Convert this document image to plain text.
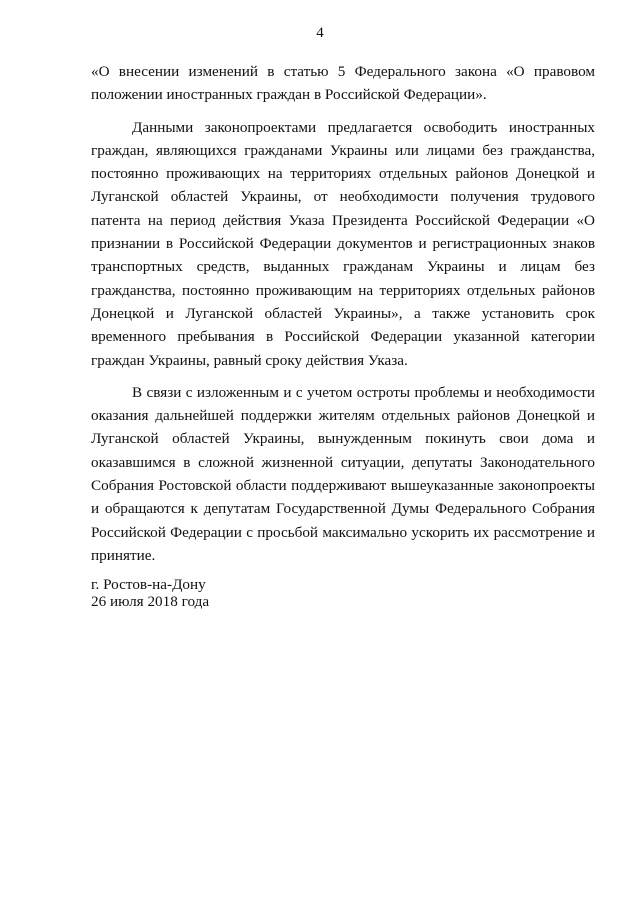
4

«О внесении изменений в статью 5 Федерального закона «О правовом положении иностранных граждан в Российской Федерации».

Данными законопроектами предлагается освободить иностранных граждан, являющихся гражданами Украины или лицами без гражданства, постоянно проживающих на территориях отдельных районов Донецкой и Луганской областей Украины, от необходимости получения трудового патента на период действия Указа Президента Российской Федерации «О признании в Российской Федерации документов и регистрационных знаков транспортных средств, выданных гражданам Украины и лицам без гражданства, постоянно проживающим на территориях отдельных районов Донецкой и Луганской областей Украины», а также установить срок временного пребывания в Российской Федерации указанной категории граждан Украины, равный сроку действия Указа.

В связи с изложенным и с учетом остроты проблемы и необходимости оказания дальнейшей поддержки жителям отдельных районов Донецкой и Луганской областей Украины, вынужденным покинуть свои дома и оказавшимся в сложной жизненной ситуации, депутаты Законодательного Собрания Ростовской области поддерживают вышеуказанные законопроекты и обращаются к депутатам Государственной Думы Федерального Собрания Российской Федерации с просьбой максимально ускорить их рассмотрение и принятие.

г. Ростов-на-Дону
26 июля 2018 года
